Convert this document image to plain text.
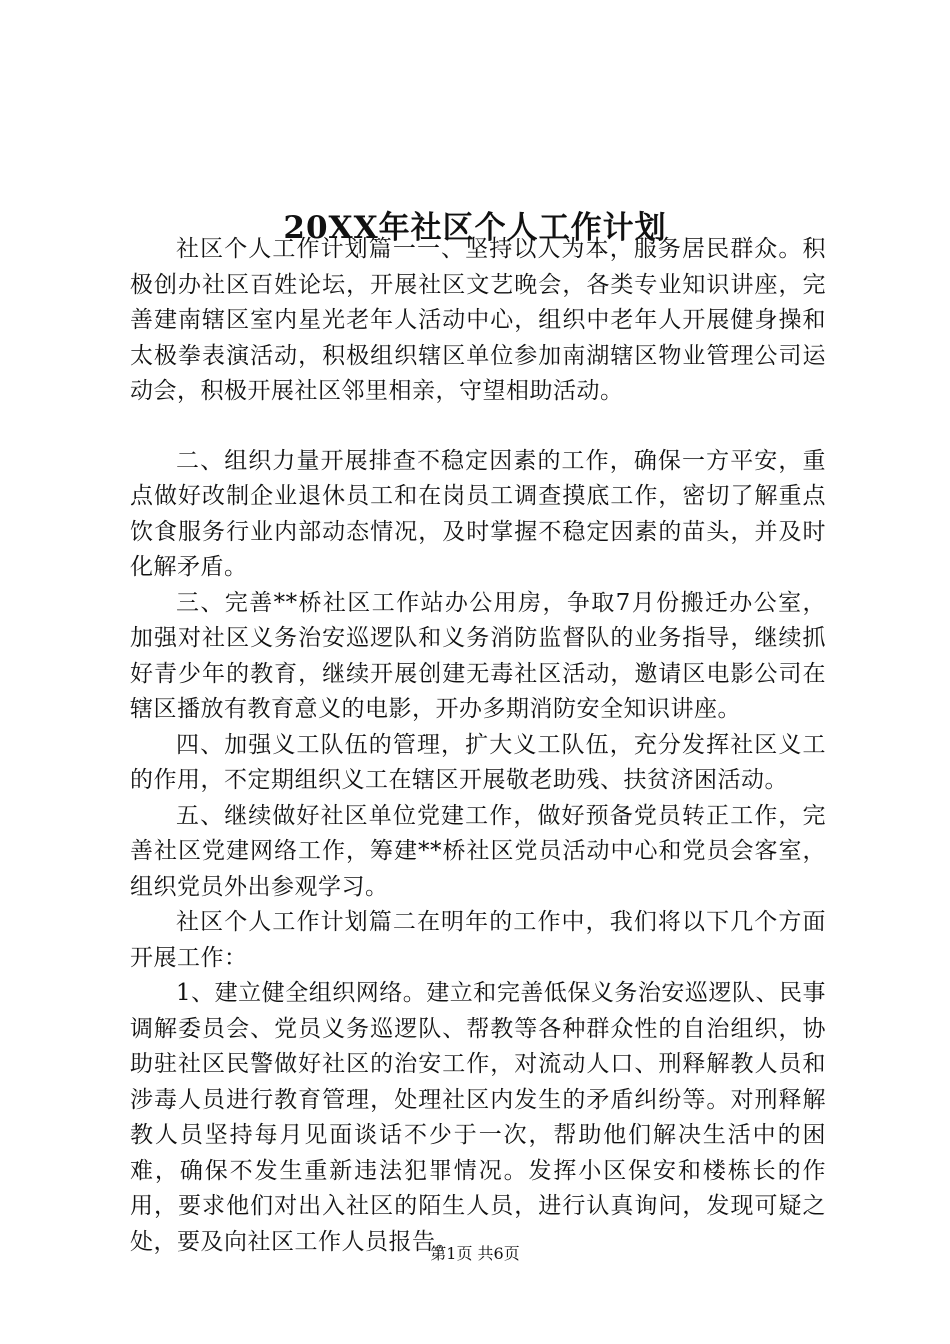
20XX年社区个人工作计划

社区个人工作计划篇一一、坚持以人为本，服务居民群众。积极创办社区百姓论坛，开展社区文艺晚会，各类专业知识讲座，完善建南辖区室内星光老年人活动中心，组织中老年人开展健身操和太极拳表演活动，积极组织辖区单位参加南湖辖区物业管理公司运动会，积极开展社区邻里相亲，守望相助活动。

二、组织力量开展排查不稳定因素的工作，确保一方平安，重点做好改制企业退休员工和在岗员工调查摸底工作，密切了解重点饮食服务行业内部动态情况，及时掌握不稳定因素的苗头，并及时化解矛盾。

三、完善**桥社区工作站办公用房，争取7月份搬迁办公室，加强对社区义务治安巡逻队和义务消防监督队的业务指导，继续抓好青少年的教育，继续开展创建无毒社区活动，邀请区电影公司在辖区播放有教育意义的电影，开办多期消防安全知识讲座。

四、加强义工队伍的管理，扩大义工队伍，充分发挥社区义工的作用，不定期组织义工在辖区开展敬老助残、扶贫济困活动。

五、继续做好社区单位党建工作，做好预备党员转正工作，完善社区党建网络工作，筹建**桥社区党员活动中心和党员会客室，组织党员外出参观学习。

社区个人工作计划篇二在明年的工作中，我们将以下几个方面开展工作：

1、建立健全组织网络。建立和完善低保义务治安巡逻队、民事调解委员会、党员义务巡逻队、帮教等各种群众性的自治组织，协助驻社区民警做好社区的治安工作，对流动人口、刑释解教人员和涉毒人员进行教育管理，处理社区内发生的矛盾纠纷等。对刑释解教人员坚持每月见面谈话不少于一次，帮助他们解决生活中的困难，确保不发生重新违法犯罪情况。发挥小区保安和楼栋长的作用，要求他们对出入社区的陌生人员，进行认真询问，发现可疑之处，要及向社区工作人员报告。

第1页 共6页
